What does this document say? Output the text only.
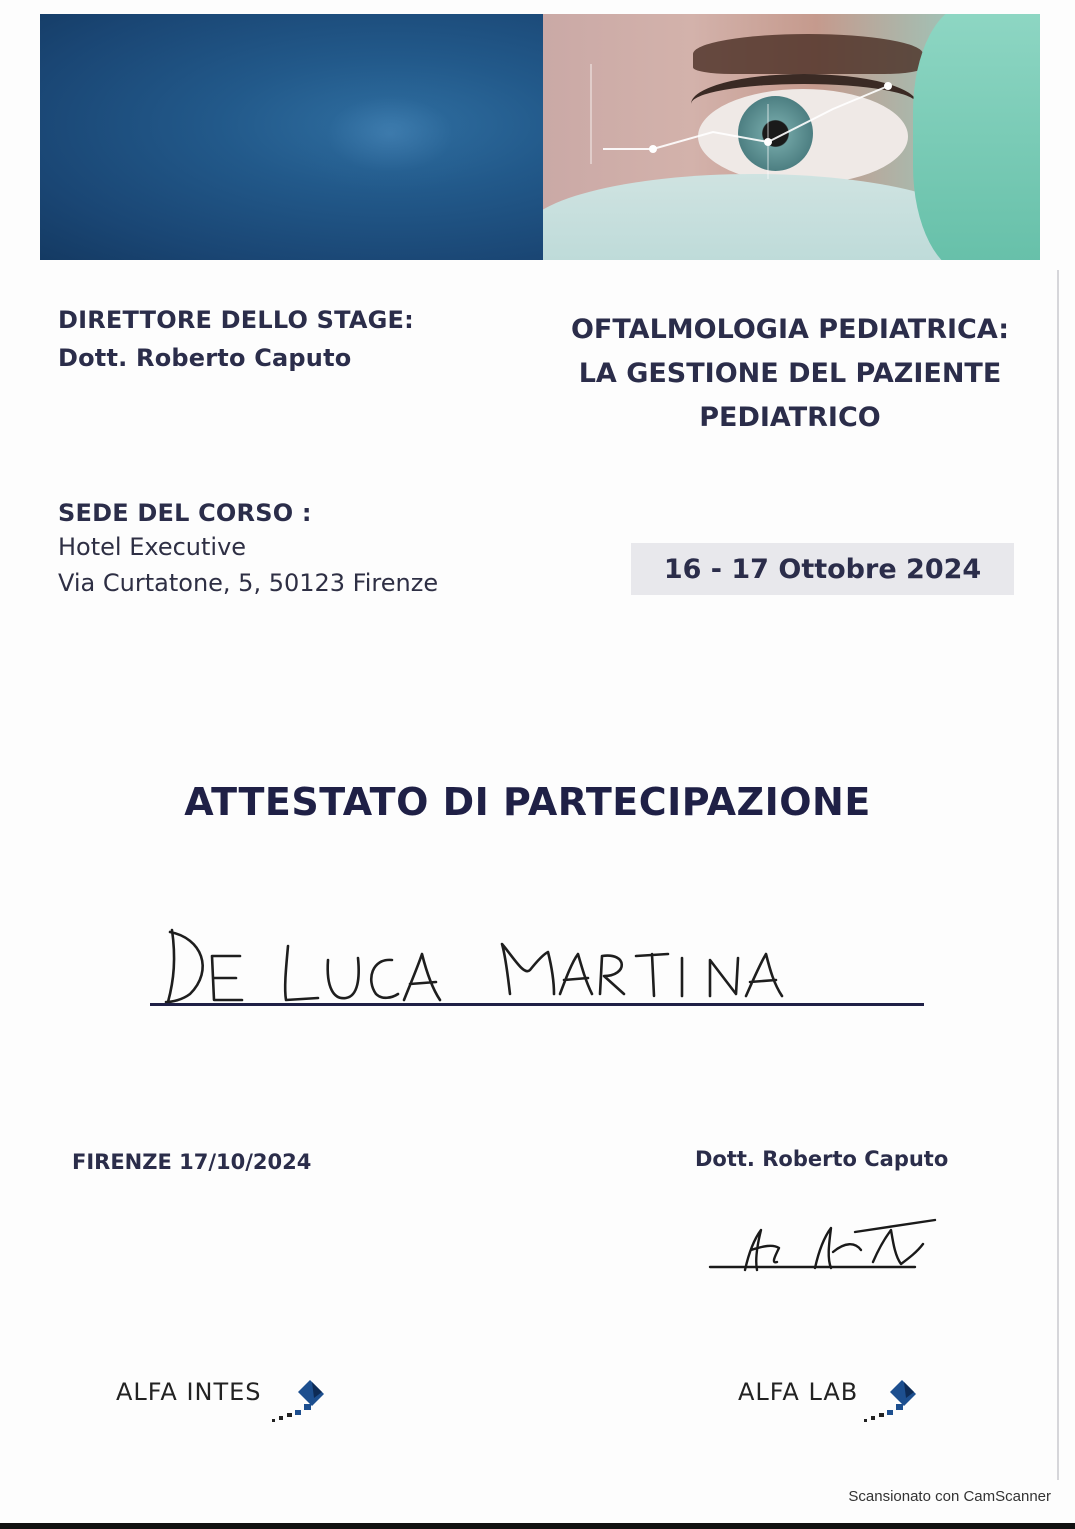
DIRETTORE DELLO STAGE:
Dott. Roberto Caputo
OFTALMOLOGIA PEDIATRICA:
LA GESTIONE DEL PAZIENTE
PEDIATRICO
SEDE DEL CORSO :
Hotel Executive
Via Curtatone, 5, 50123 Firenze	16 - 17 Ottobre 2024
ATTESTATO DI PARTECIPAZIONE
FIRENZE 17/10/2024	Dott. Roberto Caputo
ALFA INTES	ALFA LAB
Scansionato con CamScanner
